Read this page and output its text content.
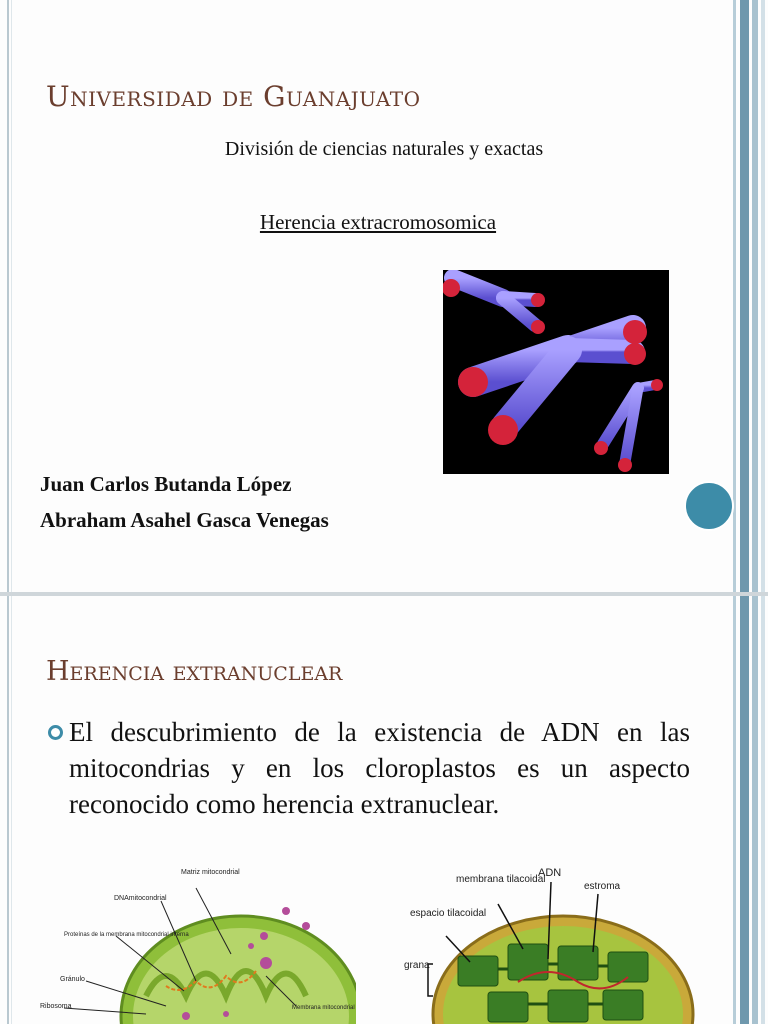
Universidad de Guanajuato
División de ciencias naturales y exactas
Herencia extracromosomica
Juan Carlos Butanda López
Abraham Asahel Gasca Venegas
Herencia extranuclear
El descubrimiento de la existencia de ADN en las mitocondrias y en los cloroplastos es un aspecto reconocido como herencia extranuclear.
Matriz mitocondrial
DNAmitocondrial
Proteínas de la membrana mitocondrial interna
Gránulo
Ribosoma	Membrana mitocondrial
ADN
membrana tilacoidal
estroma
espacio tilacoidal
grana
